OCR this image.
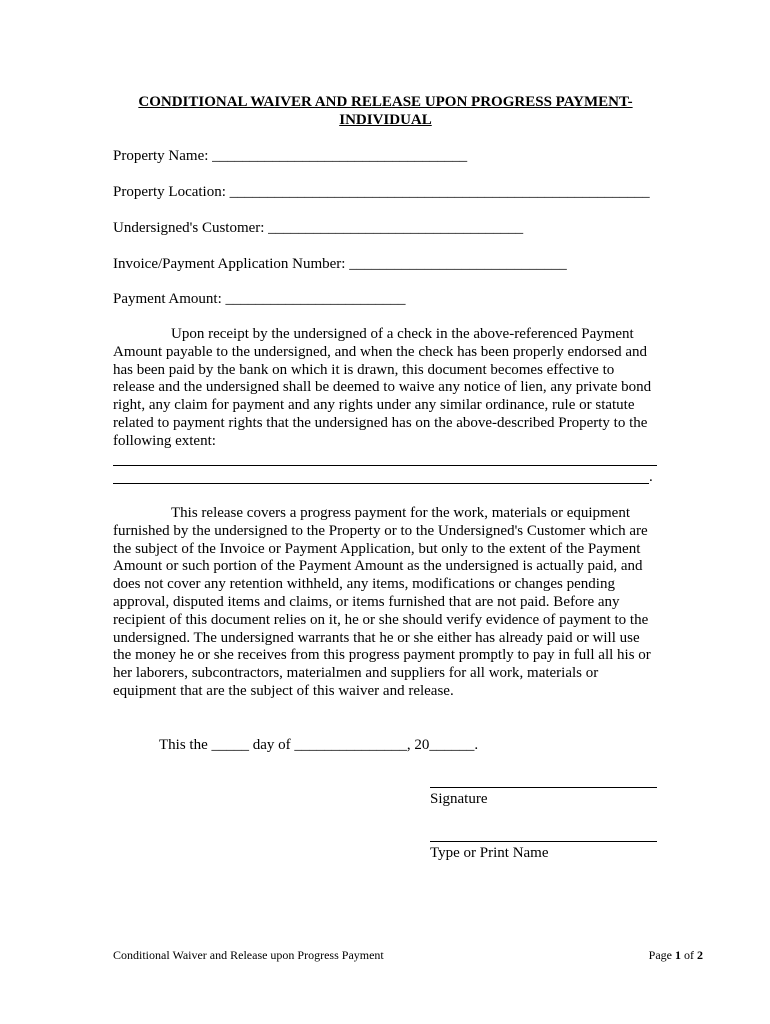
CONDITIONAL WAIVER AND RELEASE UPON PROGRESS PAYMENT-
INDIVIDUAL
Property Name: __________________________________
Property Location: ________________________________________________________
Undersigned's Customer: __________________________________
Invoice/Payment Application Number: _____________________________
Payment Amount: ________________________

Upon receipt by the undersigned of a check in the above-referenced Payment Amount payable to the undersigned, and when the check has been properly endorsed and has been paid by the bank on which it is drawn, this document becomes effective to release and the undersigned shall be deemed to waive any notice of lien, any private bond right, any claim for payment and any rights under any similar ordinance, rule or statute related to payment rights that the undersigned has on the above-described Property to the following extent:

.

This release covers a progress payment for the work, materials or equipment furnished by the undersigned to the Property or to the Undersigned's Customer which are the subject of the Invoice or Payment Application, but only to the extent of the Payment Amount or such portion of the Payment Amount as the undersigned is actually paid, and does not cover any retention withheld, any items, modifications or changes pending approval, disputed items and claims, or items furnished that are not paid. Before any recipient of this document relies on it, he or she should verify evidence of payment to the undersigned. The undersigned warrants that he or she either has already paid or will use the money he or she receives from this progress payment promptly to pay in full all his or her laborers, subcontractors, materialmen and suppliers for all work, materials or equipment that are the subject of this waiver and release.

This the _____ day of _______________, 20______.
Signature
Type or Print Name
Conditional Waiver and Release upon Progress Payment	Page 1 of 2
